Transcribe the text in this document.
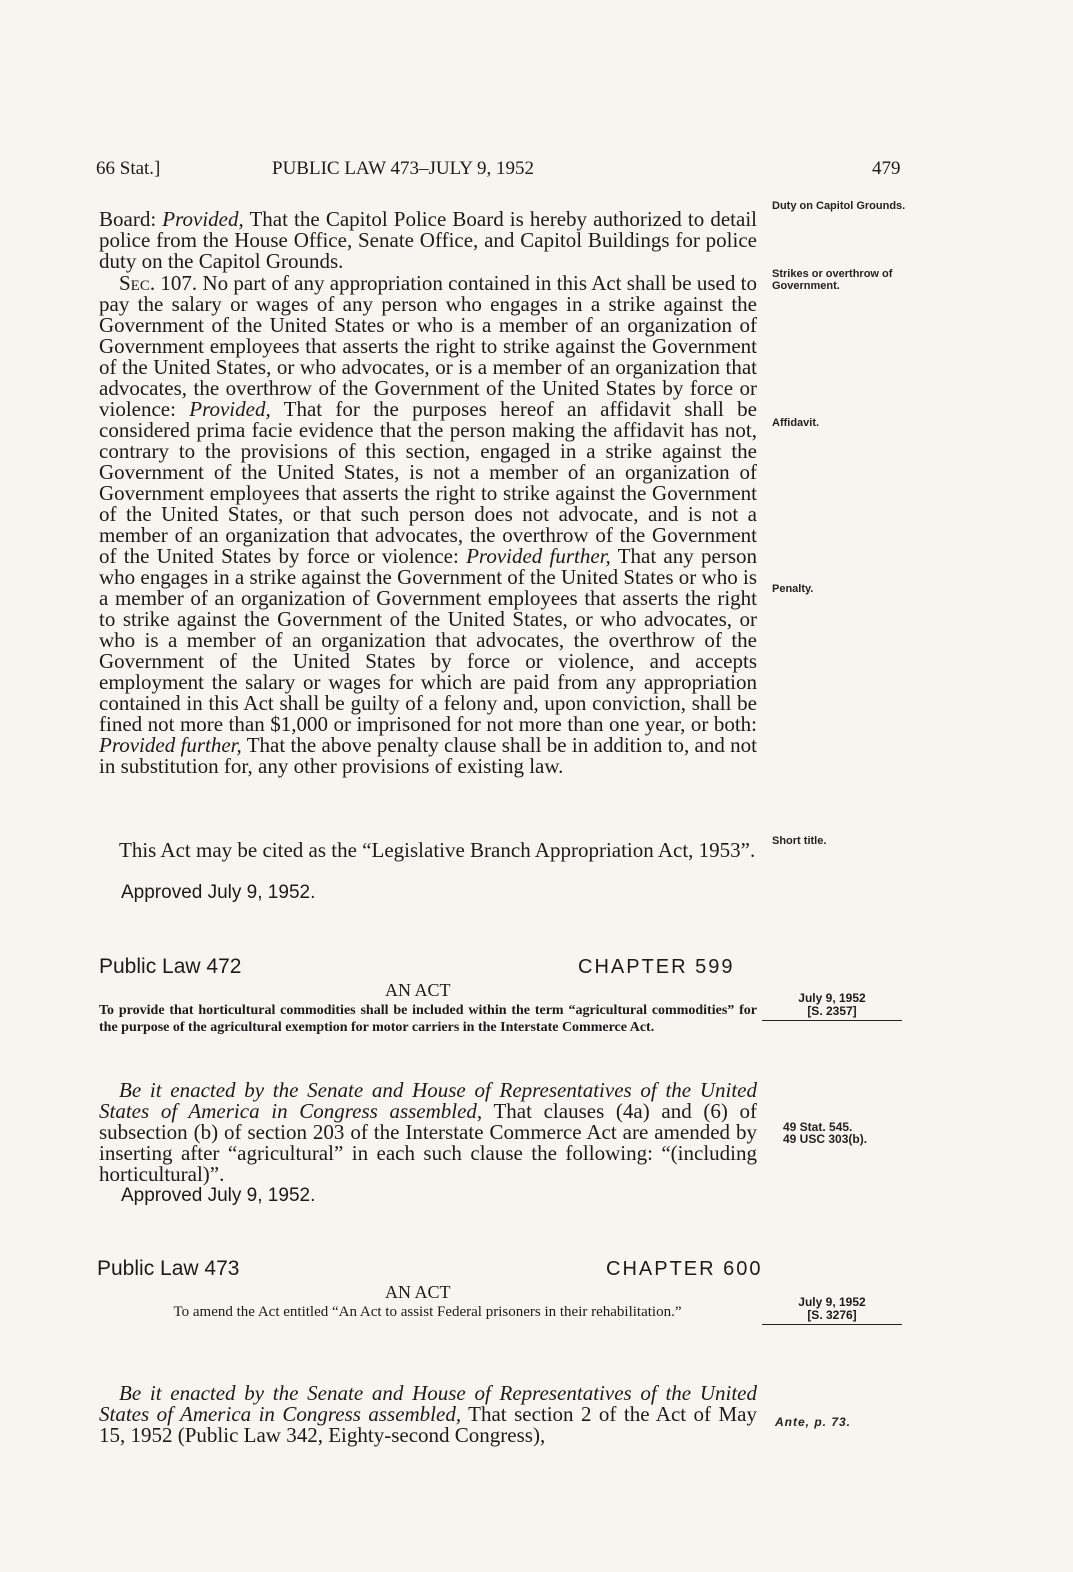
66 Stat.]	PUBLIC LAW 473–JULY 9, 1952	479

Board: Provided, That the Capitol Police Board is hereby authorized to detail police from the House Office, Senate Office, and Capitol Buildings for police duty on the Capitol Grounds.

Sec. 107. No part of any appropriation contained in this Act shall be used to pay the salary or wages of any person who engages in a strike against the Government of the United States or who is a member of an organization of Government employees that asserts the right to strike against the Government of the United States, or who advocates, or is a member of an organization that advocates, the overthrow of the Government of the United States by force or violence: Provided, That for the purposes hereof an affidavit shall be considered prima facie evidence that the person making the affidavit has not, contrary to the provisions of this section, engaged in a strike against the Government of the United States, is not a member of an organization of Government employees that asserts the right to strike against the Government of the United States, or that such person does not advocate, and is not a member of an organization that advocates, the overthrow of the Government of the United States by force or violence: Provided further, That any person who engages in a strike against the Government of the United States or who is a member of an organization of Government employees that asserts the right to strike against the Government of the United States, or who advocates, or who is a member of an organization that advocates, the overthrow of the Government of the United States by force or violence, and accepts employment the salary or wages for which are paid from any appropriation contained in this Act shall be guilty of a felony and, upon conviction, shall be fined not more than $1,000 or imprisoned for not more than one year, or both: Provided further, That the above penalty clause shall be in addition to, and not in substitution for, any other provisions of existing law.

This Act may be cited as the “Legislative Branch Appropriation Act, 1953”.

Approved July 9, 1952.
Duty on Capitol Grounds.
Strikes or overthrow of Government.
Affidavit.
Penalty.
Short title.
Public Law 472	CHAPTER 599
AN ACT

To provide that horticultural commodities shall be included within the term “agricultural commodities” for the purpose of the agricultural exemption for motor carriers in the Interstate Commerce Act.

July 9, 1952
[S. 2357]

Be it enacted by the Senate and House of Representatives of the United States of America in Congress assembled, That clauses (4a) and (6) of subsection (b) of section 203 of the Interstate Commerce Act are amended by inserting after “agricultural” in each such clause the following: “(including horticultural)”.

Approved July 9, 1952.
49 Stat. 545.
49 USC 303(b).
Public Law 473	CHAPTER 600
AN ACT

To amend the Act entitled “An Act to assist Federal prisoners in their rehabilitation.”

July 9, 1952
[S. 3276]

Be it enacted by the Senate and House of Representatives of the United States of America in Congress assembled, That section 2 of the Act of May 15, 1952 (Public Law 342, Eighty-second Congress),

Ante, p. 73.
